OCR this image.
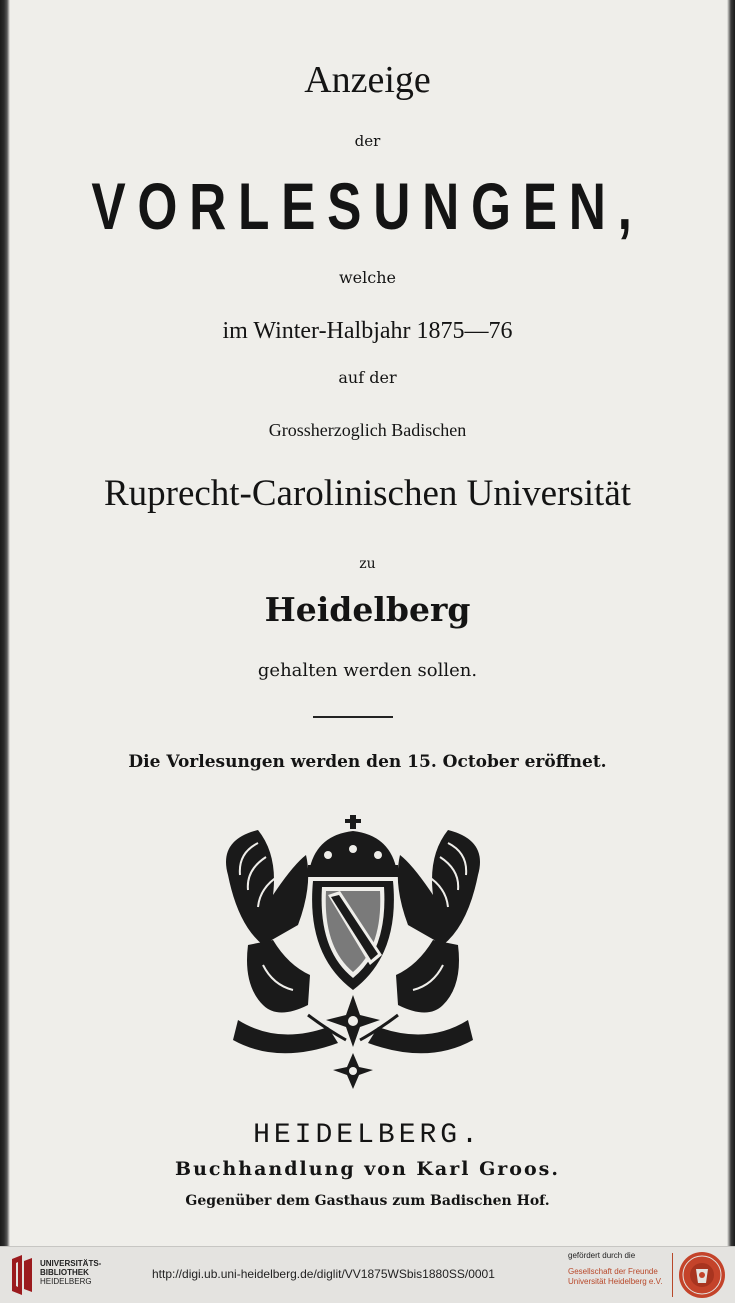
Anzeige
der
VORLESUNGEN,
welche
im Winter-Halbjahr 1875—76
auf der
Grossherzoglich Badischen
Ruprecht-Carolinischen Universität
zu
Heidelberg
gehalten werden sollen.
Die Vorlesungen werden den 15. October eröffnet.
HEIDELBERG.
Buchhandlung von Karl Groos.
Gegenüber dem Gasthaus zum Badischen Hof.
UNIVERSITÄTS-
BIBLIOTHEK
HEIDELBERG
http://digi.ub.uni-heidelberg.de/diglit/VV1875WSbis1880SS/0001
gefördert durch die
Gesellschaft der Freunde
Universität Heidelberg e.V.
